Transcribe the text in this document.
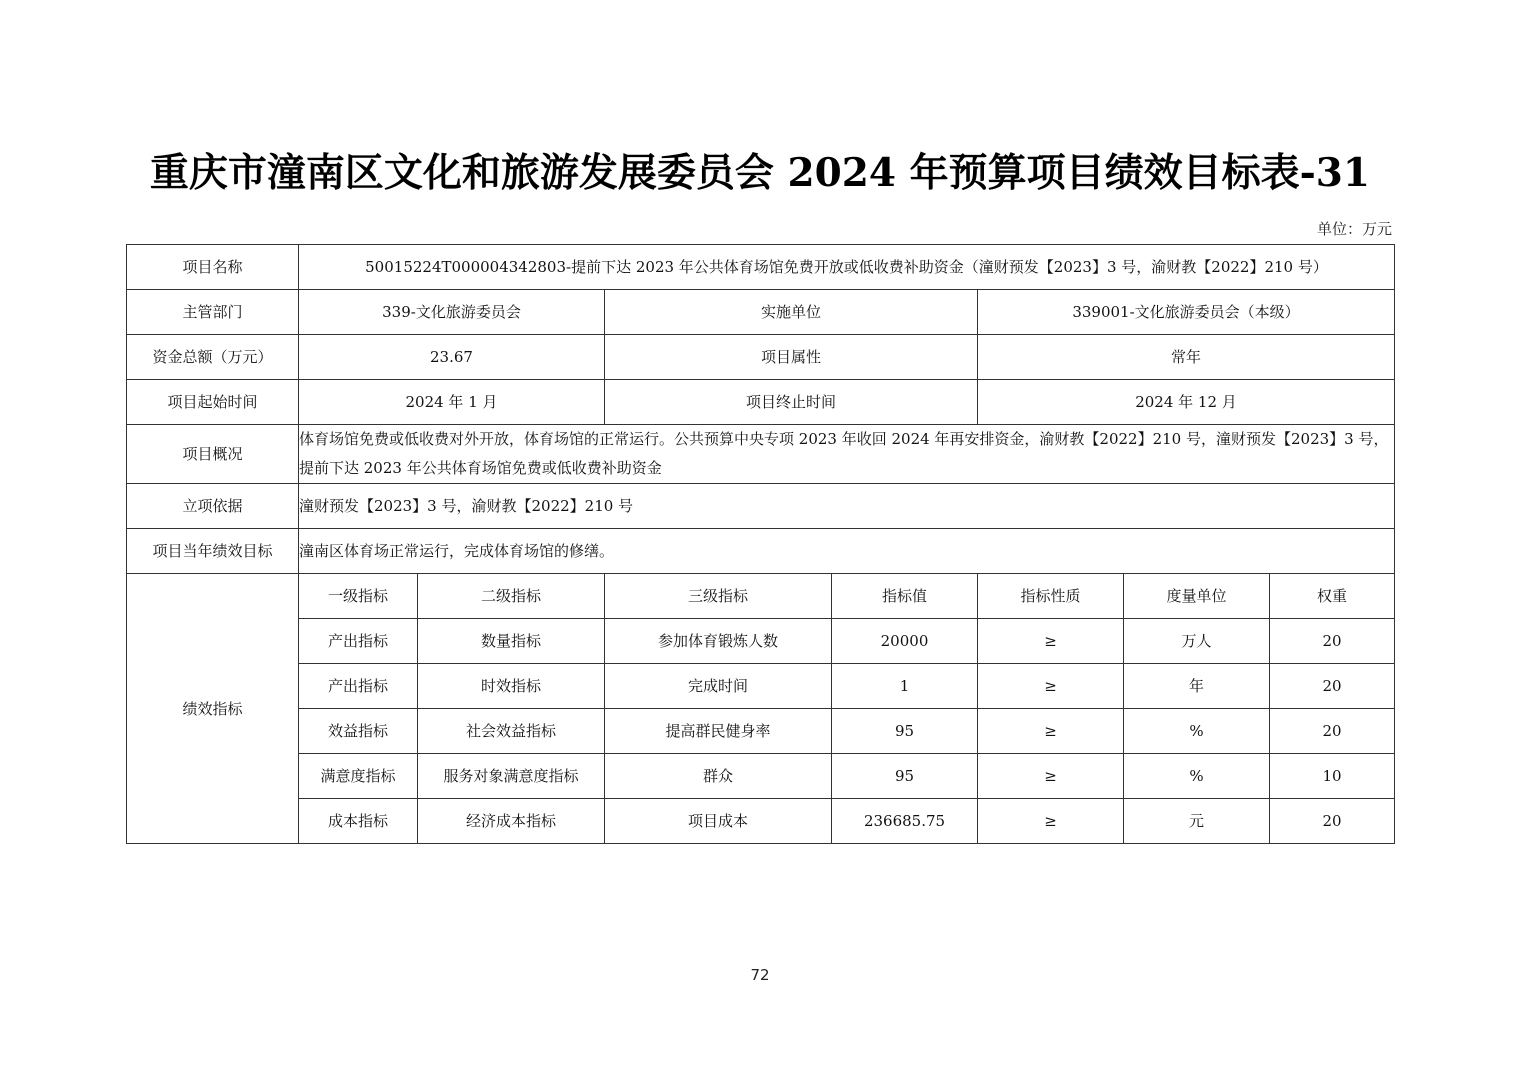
重庆市潼南区文化和旅游发展委员会 2024 年预算项目绩效目标表-31
单位：万元
项目名称	50015224T000004342803-提前下达 2023 年公共体育场馆免费开放或低收费补助资金（潼财预发【2023】3 号，渝财教【2022】210 号）						
主管部门	339-文化旅游委员会		实施单位		339001-文化旅游委员会（本级）		
资金总额（万元）	23.67		项目属性		常年		
项目起始时间	2024 年 1 月		项目终止时间		2024 年 12 月		
项目概况	体育场馆免费或低收费对外开放，体育场馆的正常运行。公共预算中央专项 2023 年收回 2024 年再安排资金，渝财教【2022】210 号，潼财预发【2023】3 号，提前下达 2023 年公共体育场馆免费或低收费补助资金						
立项依据	潼财预发【2023】3 号，渝财教【2022】210 号						
项目当年绩效目标	潼南区体育场正常运行，完成体育场馆的修缮。						
绩效指标	一级指标	二级指标	三级指标	指标值	指标性质	度量单位	权重
	产出指标	数量指标	参加体育锻炼人数	20000	≥	万人	20
	产出指标	时效指标	完成时间	1	≥	年	20
	效益指标	社会效益指标	提高群民健身率	95	≥	%	20
	满意度指标	服务对象满意度指标	群众	95	≥	%	10
	成本指标	经济成本指标	项目成本	236685.75	≥	元	20
72
